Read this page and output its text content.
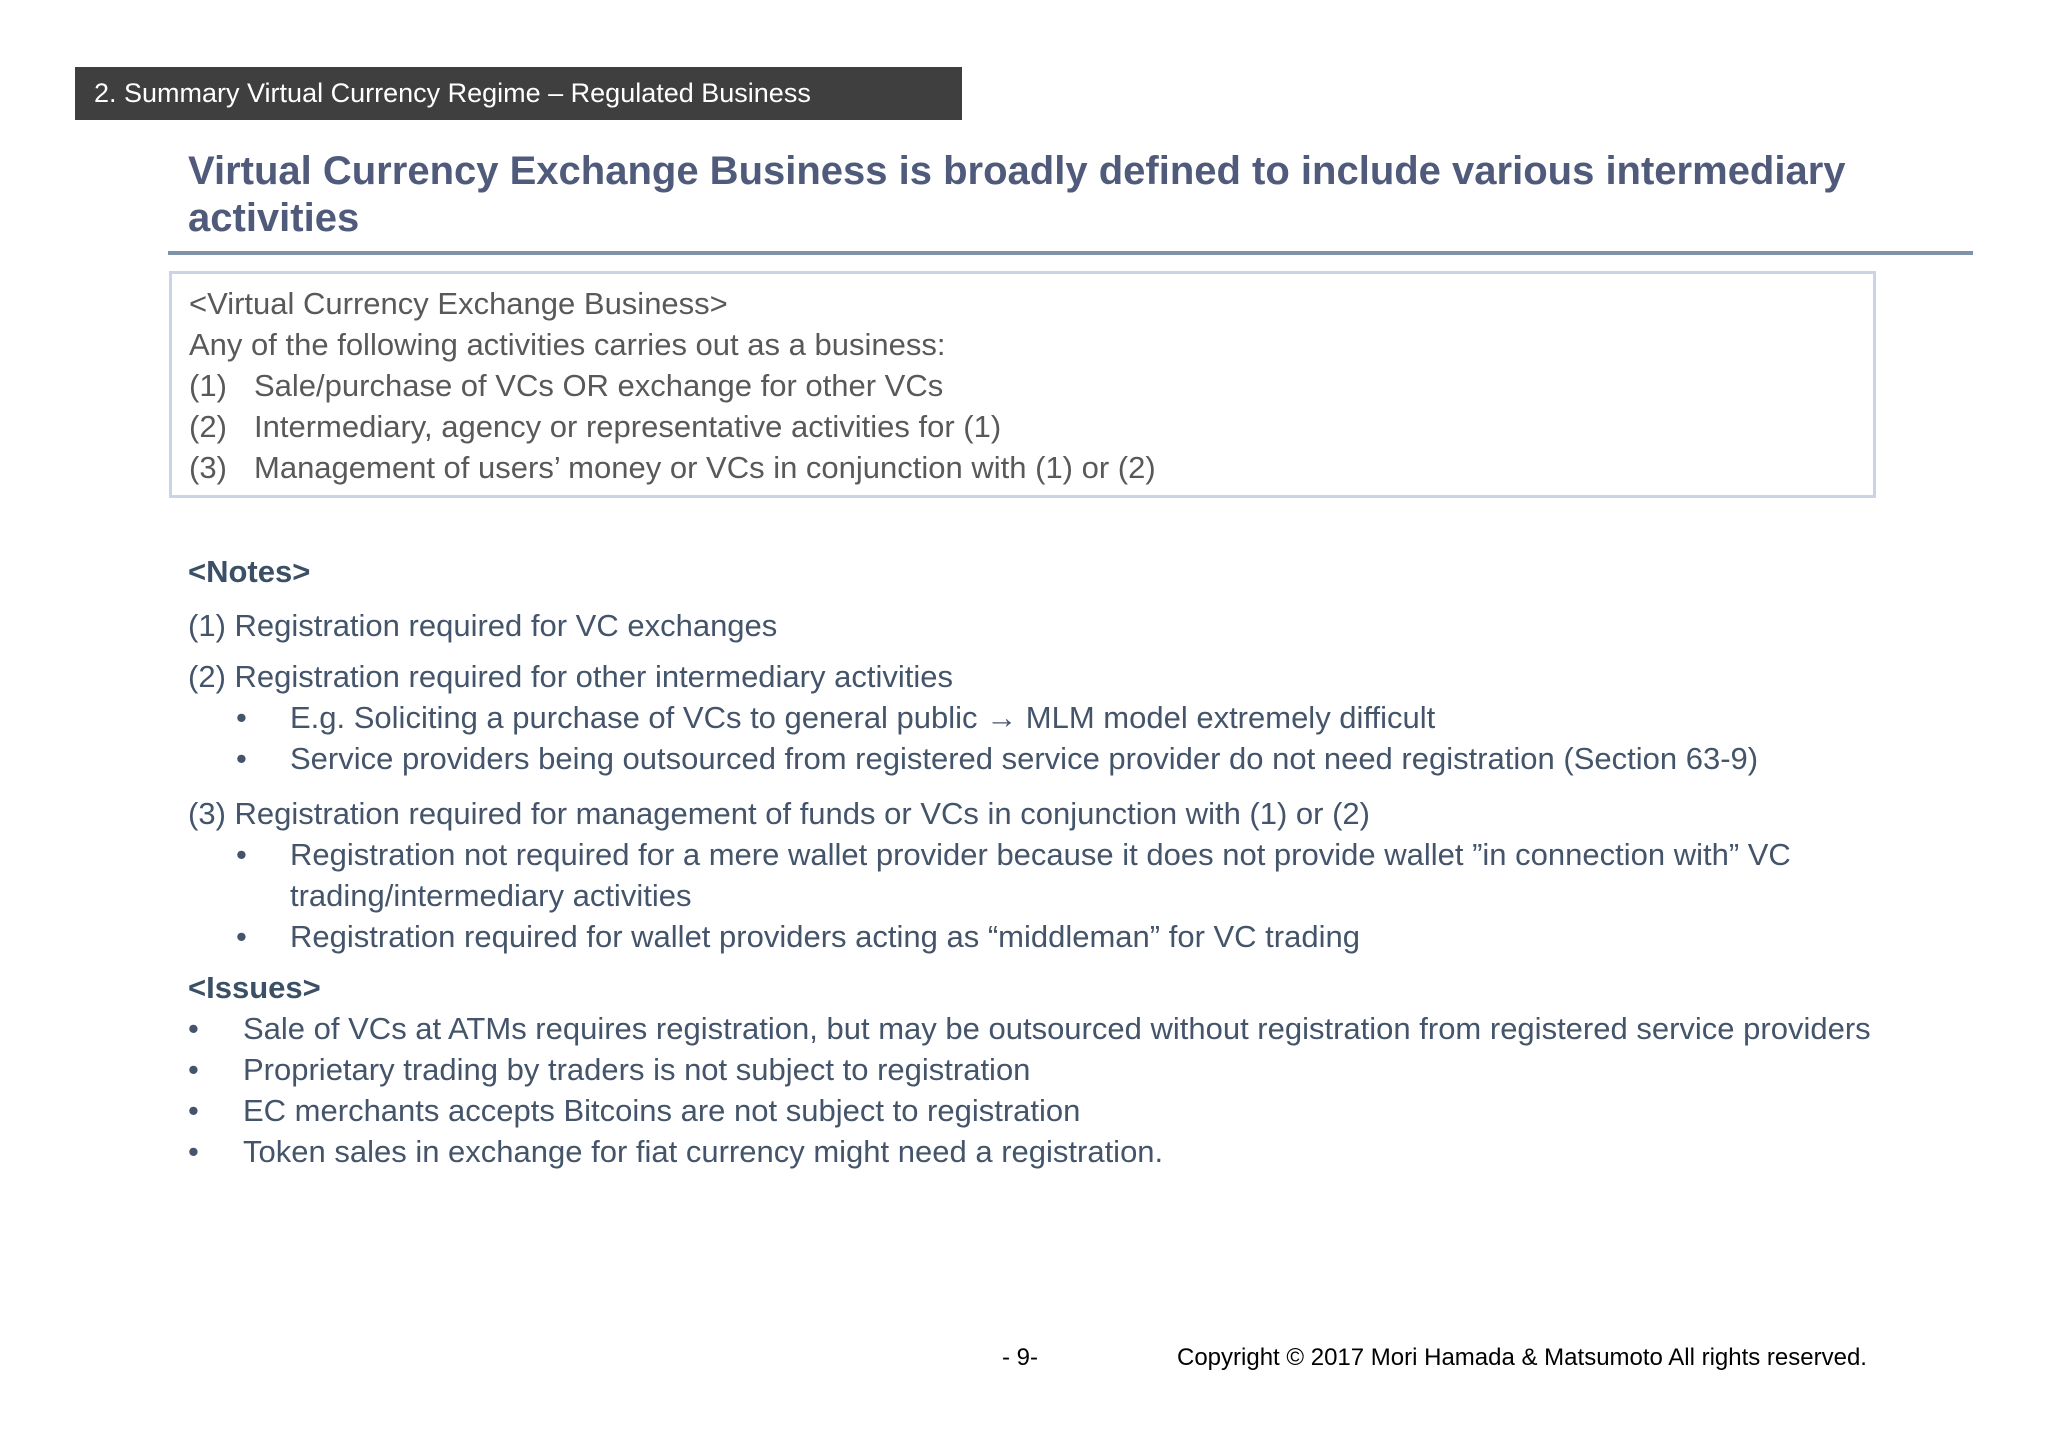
2. Summary Virtual Currency Regime – Regulated Business
Virtual Currency Exchange Business is broadly defined to include various intermediary activities
<Virtual Currency Exchange Business>
Any of the following activities carries out as a business:
(1) Sale/purchase of VCs OR exchange for other VCs
(2) Intermediary, agency or representative activities for (1)
(3) Management of users’ money or VCs in conjunction with (1) or (2)
<Notes>
(1) Registration required for VC exchanges
(2) Registration required for other intermediary activities
• E.g. Soliciting a purchase of VCs to general public → MLM model extremely difficult
• Service providers being outsourced from registered service provider do not need registration (Section 63-9)
(3) Registration required for management of funds or VCs in conjunction with (1) or (2)
• Registration not required for a mere wallet provider because it does not provide wallet ”in connection with” VC trading/intermediary activities
• Registration required for wallet providers acting as “middleman” for VC trading
<Issues>
• Sale of VCs at ATMs requires registration, but may be outsourced without registration from registered service providers
• Proprietary trading by traders is not subject to registration
• EC merchants accepts Bitcoins are not subject to registration
• Token sales in exchange for fiat currency might need a registration.
- 9-	Copyright © 2017 Mori Hamada & Matsumoto All rights reserved.
